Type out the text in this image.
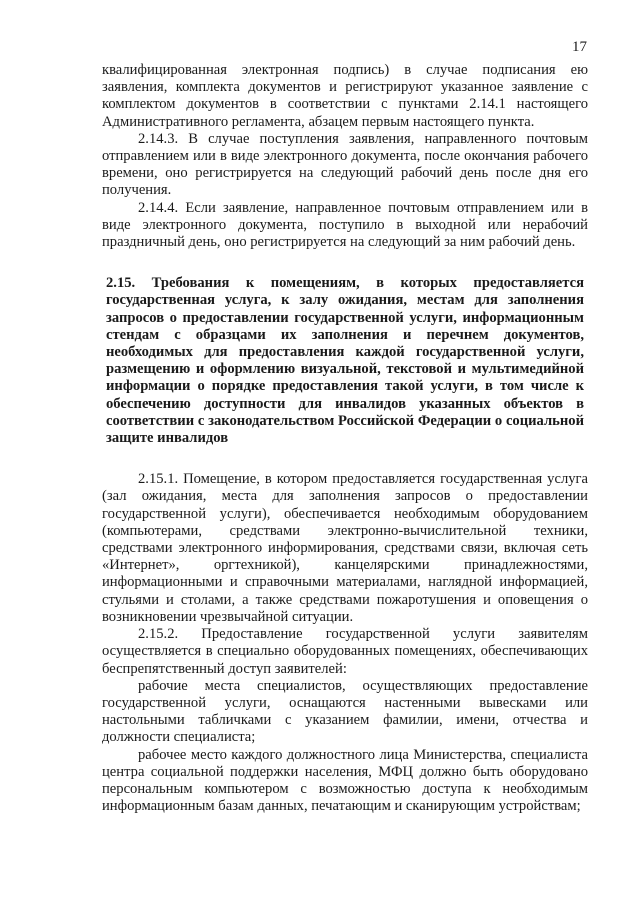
17

квалифицированная электронная подпись) в случае подписания ею заявления, комплекта документов и регистрируют указанное заявление с комплектом документов в соответствии с пунктами 2.14.1 настоящего Административного регламента, абзацем первым настоящего пункта.

2.14.3. В случае поступления заявления, направленного почтовым отправлением или в виде электронного документа, после окончания рабочего времени, оно регистрируется на следующий рабочий день после дня его получения.

2.14.4. Если заявление, направленное почтовым отправлением или в виде электронного документа, поступило в выходной или нерабочий праздничный день, оно регистрируется на следующий за ним рабочий день.

2.15. Требования к помещениям, в которых предоставляется государственная услуга, к залу ожидания, местам для заполнения запросов о предоставлении государственной услуги, информационным стендам с образцами их заполнения и перечнем документов, необходимых для предоставления каждой государственной услуги, размещению и оформлению визуальной, текстовой и мультимедийной информации о порядке предоставления такой услуги, в том числе к обеспечению доступности для инвалидов указанных объектов в соответствии с законодательством Российской Федерации о социальной защите инвалидов

2.15.1. Помещение, в котором предоставляется государственная услуга (зал ожидания, места для заполнения запросов о предоставлении государственной услуги), обеспечивается необходимым оборудованием (компьютерами, средствами электронно-вычислительной техники, средствами электронного информирования, средствами связи, включая сеть «Интернет», оргтехникой), канцелярскими принадлежностями, информационными и справочными материалами, наглядной информацией, стульями и столами, а также средствами пожаротушения и оповещения о возникновении чрезвычайной ситуации.

2.15.2. Предоставление государственной услуги заявителям осуществляется в специально оборудованных помещениях, обеспечивающих беспрепятственный доступ заявителей:

рабочие места специалистов, осуществляющих предоставление государственной услуги, оснащаются настенными вывесками или настольными табличками с указанием фамилии, имени, отчества и должности специалиста;

рабочее место каждого должностного лица Министерства, специалиста центра социальной поддержки населения, МФЦ должно быть оборудовано персональным компьютером с возможностью доступа к необходимым информационным базам данных, печатающим и сканирующим устройствам;
